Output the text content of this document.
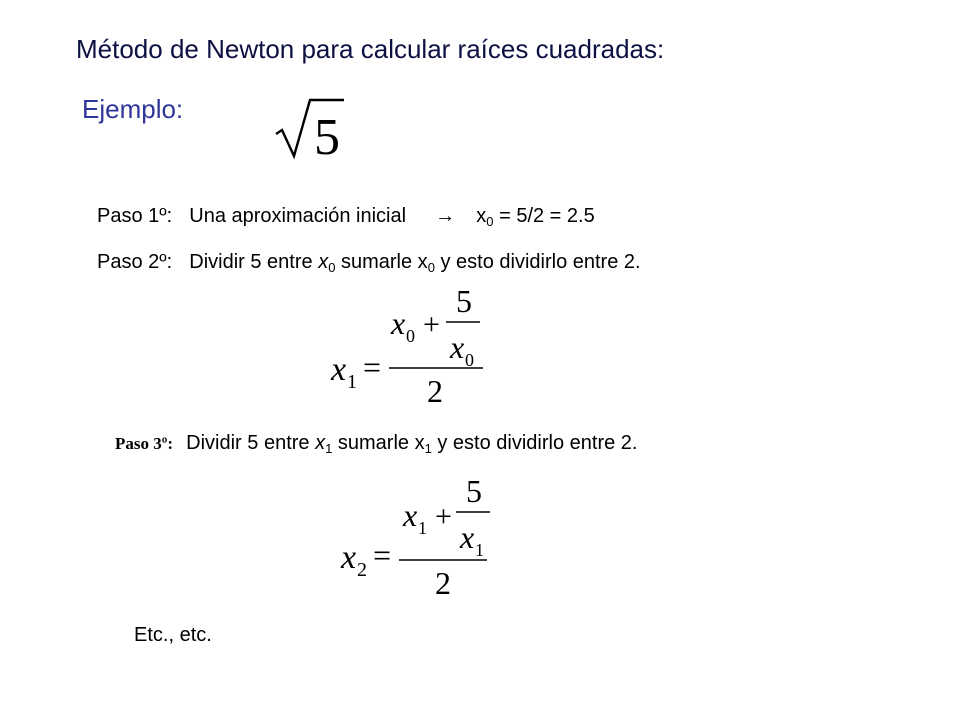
Método de Newton para calcular raíces cuadradas:
Ejemplo:	5
Paso 1º: Una aproximación inicial → $x_0 = 5/2 = 2.5$
Paso 2º: Dividir 5 entre $x_0$ sumarle $x_0$ y esto dividirlo entre 2.
x 1 =
x 0 +
5
x 0
2
Paso 3º: Dividir 5 entre $x_1$ sumarle $x_1$ y esto dividirlo entre 2.
x 2 =
x 1 +
5
x 1
2
Etc., etc.
